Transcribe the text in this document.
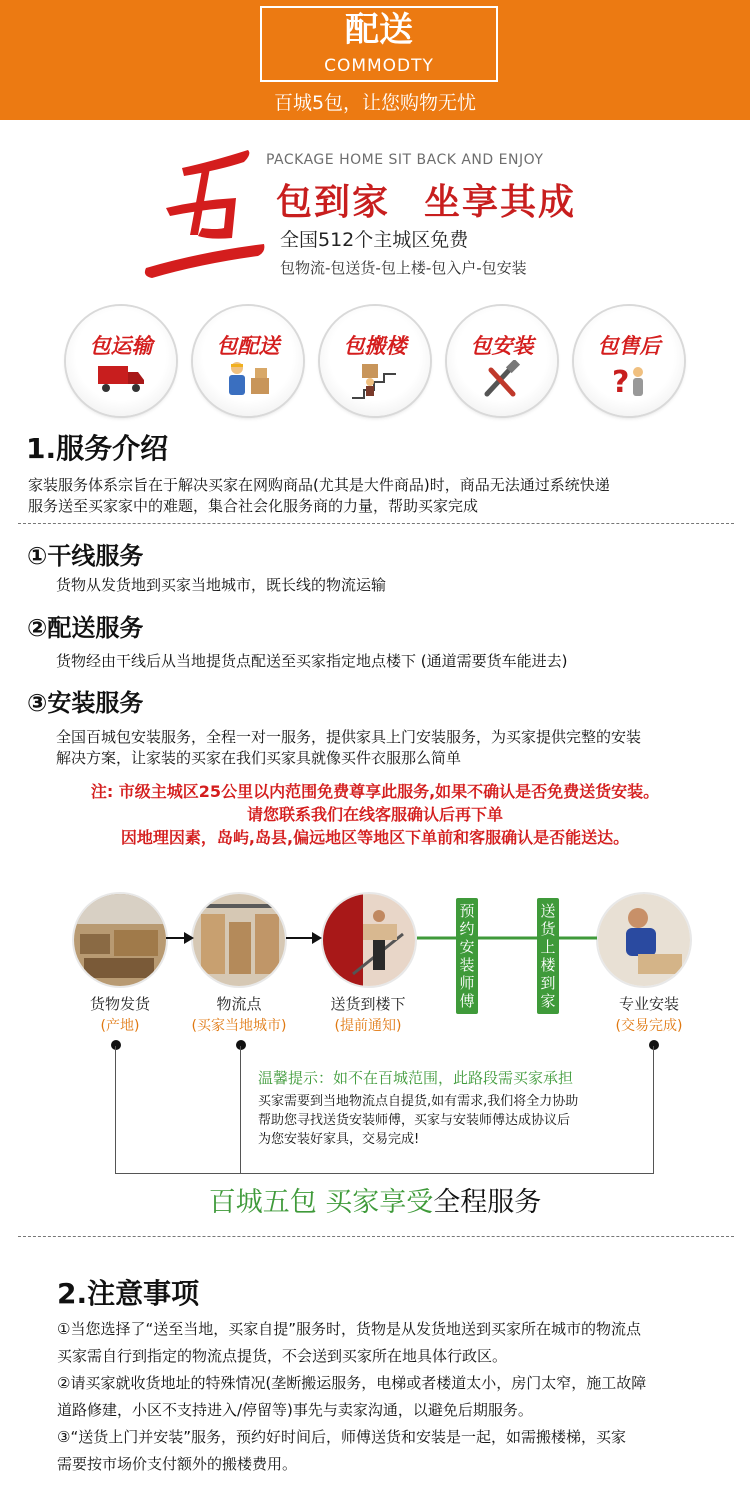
配送
COMMODTY
百城5包，让您购物无忧
PACKAGE HOME SIT BACK AND ENJOY
包到家 坐享其成
全国512个主城区免费
包物流-包送货-包上楼-包入户-包安装
包运输	包配送	包搬楼	包安装	包售后
?
1.服务介绍
家装服务体系宗旨在于解决买家在网购商品(尤其是大件商品)时，商品无法通过系统快递
服务送至买家家中的难题，集合社会化服务商的力量，帮助买家完成
①干线服务
货物从发货地到买家当地城市，既长线的物流运输
②配送服务
货物经由干线后从当地提货点配送至买家指定地点楼下 (通道需要货车能进去)
③安装服务
全国百城包安装服务，全程一对一服务，提供家具上门安装服务，为买家提供完整的安装
解决方案，让家装的买家在我们买家具就像买件衣服那么简单
注: 市级主城区25公里以内范围免费尊享此服务,如果不确认是否免费送货安装。
请您联系我们在线客服确认后再下单
因地理因素，岛屿,岛县,偏远地区等地区下单前和客服确认是否能送达。
预
约
安
装
师
傅
送
货
上
楼
到
家
货物发货
(产地)
物流点
(买家当地城市)
送货到楼下
(提前通知)
专业安装
(交易完成)
温馨提示：如不在百城范围，此路段需买家承担
买家需要到当地物流点自提货,如有需求,我们将全力协助
帮助您寻找送货安装师傅，买家与安装师傅达成协议后
为您安装好家具，交易完成!
百城五包 买家享受全程服务
2.注意事项

①当您选择了“送至当地，买家自提”服务时，货物是从发货地送到买家所在城市的物流点

买家需自行到指定的物流点提货，不会送到买家所在地具体行政区。

②请买家就收货地址的特殊情况(垄断搬运服务，电梯或者楼道太小，房门太窄，施工故障

道路修建，小区不支持进入/停留等)事先与卖家沟通，以避免后期服务。

③“送货上门并安装”服务，预约好时间后，师傅送货和安装是一起，如需搬楼梯，买家

需要按市场价支付额外的搬楼费用。
